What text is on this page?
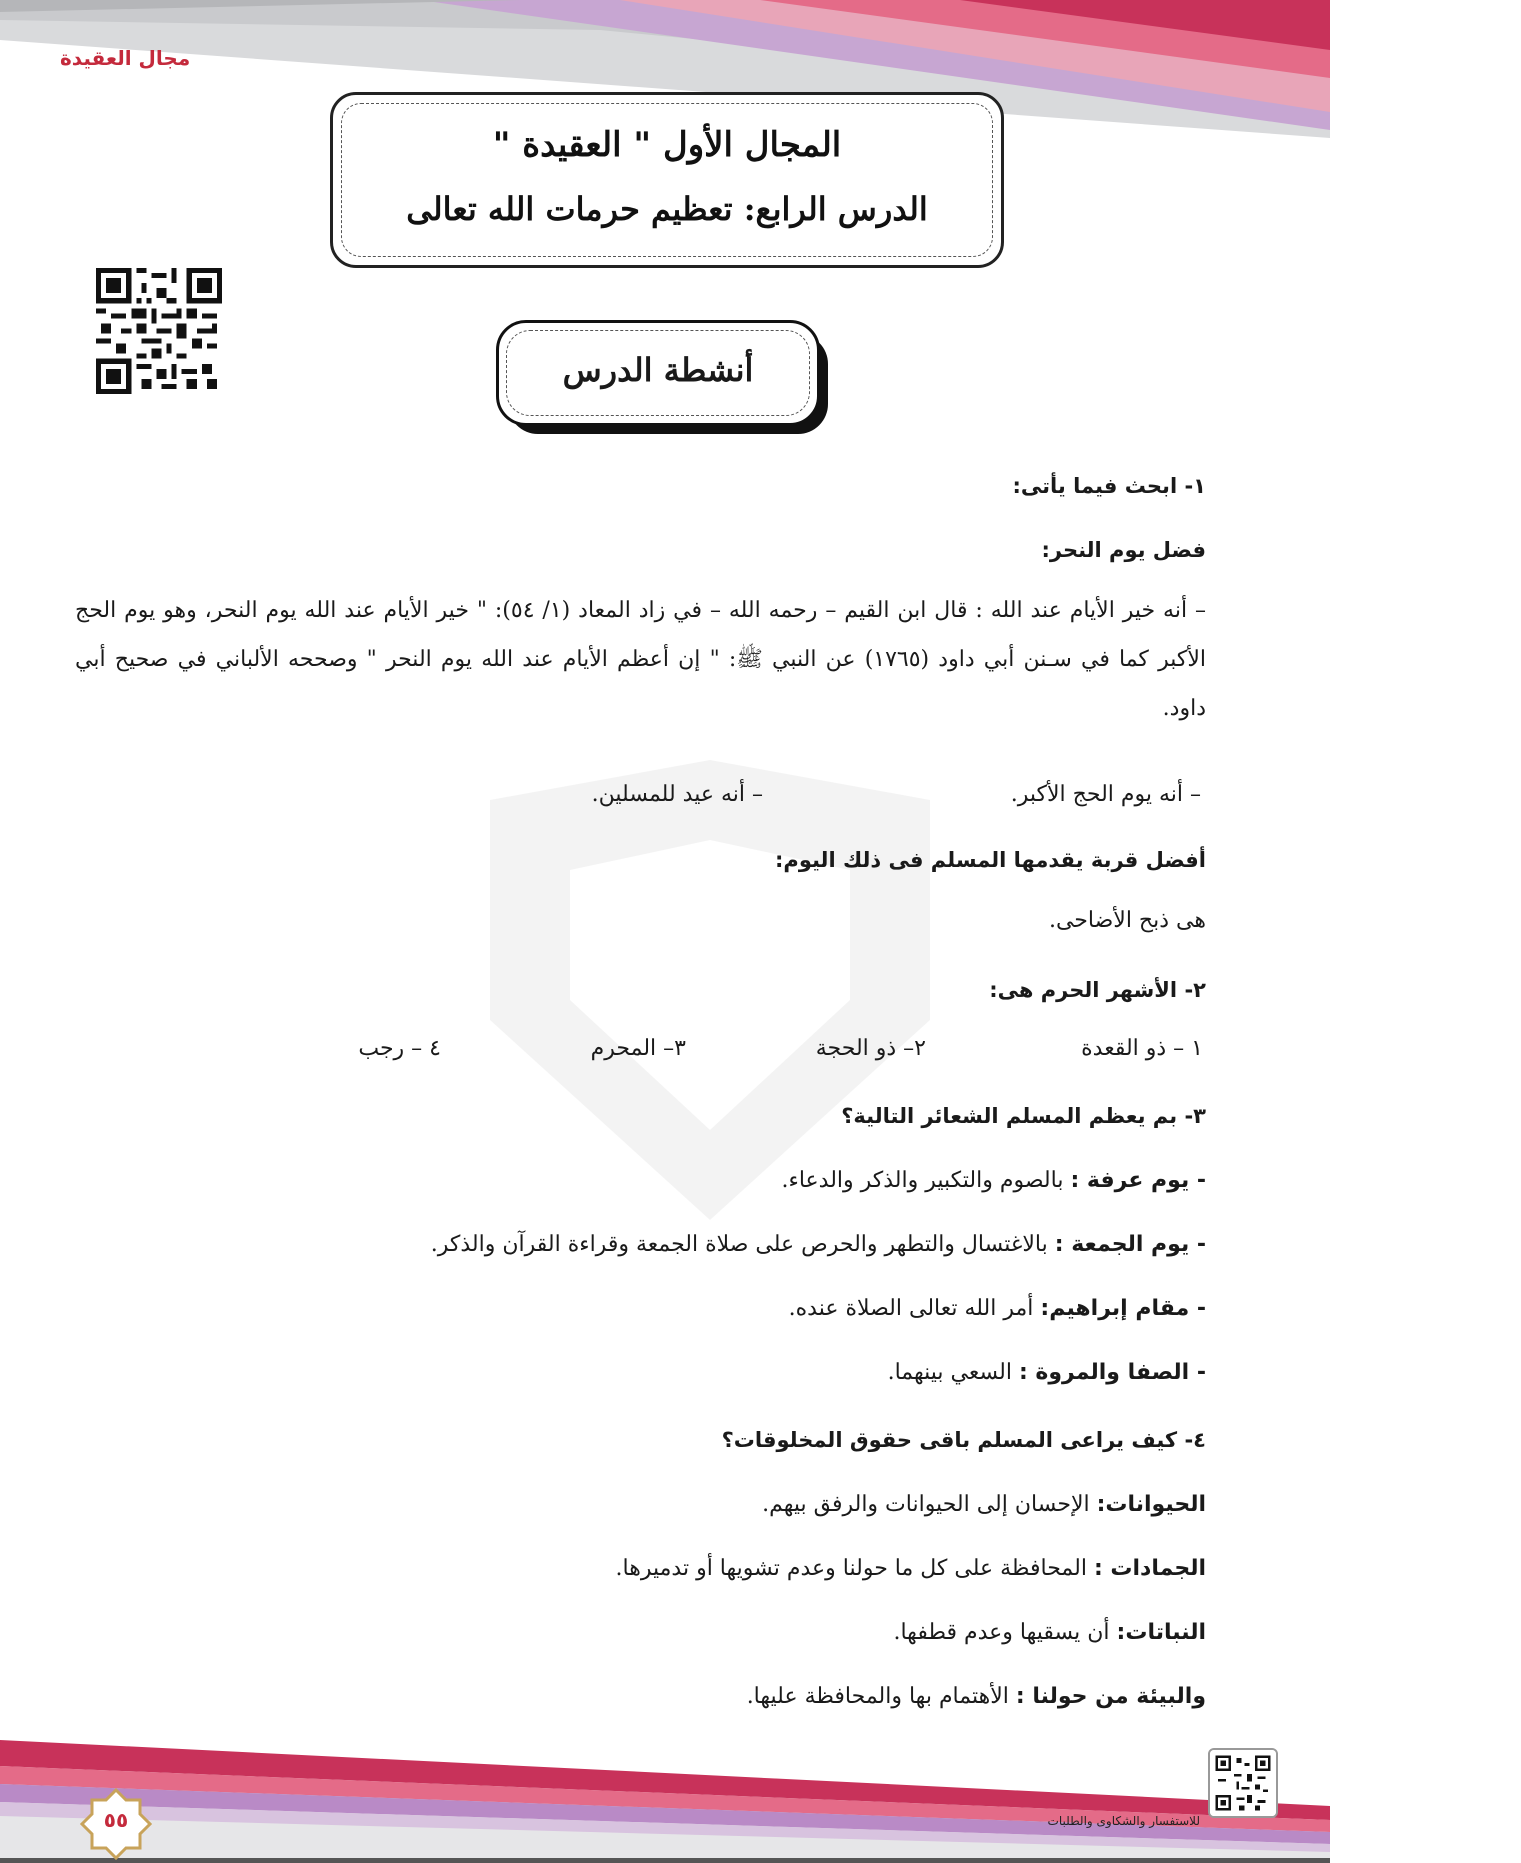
مجال العقيدة
المجال الأول " العقيدة "
الدرس الرابع: تعظيم حرمات الله تعالى
أنشطة الدرس
١- ابحث فيما يأتى:
فضل يوم النحر:
– أنه خير الأيام عند الله : قال ابن القيم – رحمه الله – في زاد المعاد (١/ ٥٤): " خير الأيام عند الله يوم النحر، وهو يوم الحج الأكبر كما في سـنن أبي داود (١٧٦٥) عن النبي ﷺ: " إن أعظم الأيام عند الله يوم النحر " وصححه الألباني في صحيح أبي داود.
– أنه يوم الحج الأكبر.
– أنه عيد للمسلين.
أفضل قربة يقدمها المسلم فى ذلك اليوم:
هى ذبح الأضاحى.
٢- الأشهر الحرم هى:
١ – ذو القعدة
٢– ذو الحجة
٣– المحرم
٤ – رجب
٣- بم يعظم المسلم الشعائر التالية؟
- يوم عرفة : بالصوم والتكبير والذكر والدعاء.
- يوم الجمعة : بالاغتسال والتطهر والحرص على صلاة الجمعة وقراءة القرآن والذكر.
- مقام إبراهيم: أمر الله تعالى الصلاة عنده.
- الصفا والمروة : السعي بينهما.
٤- كيف يراعى المسلم باقى حقوق المخلوقات؟
الحيوانات: الإحسان إلى الحيوانات والرفق بيهم.
الجمادات : المحافظة على كل ما حولنا وعدم تشويها أو تدميرها.
النباتات: أن يسقيها وعدم قطفها.
والبيئة من حولنا : الأهتمام بها والمحافظة عليها.
٥٥	للاستفسار والشكاوى والطلبات
